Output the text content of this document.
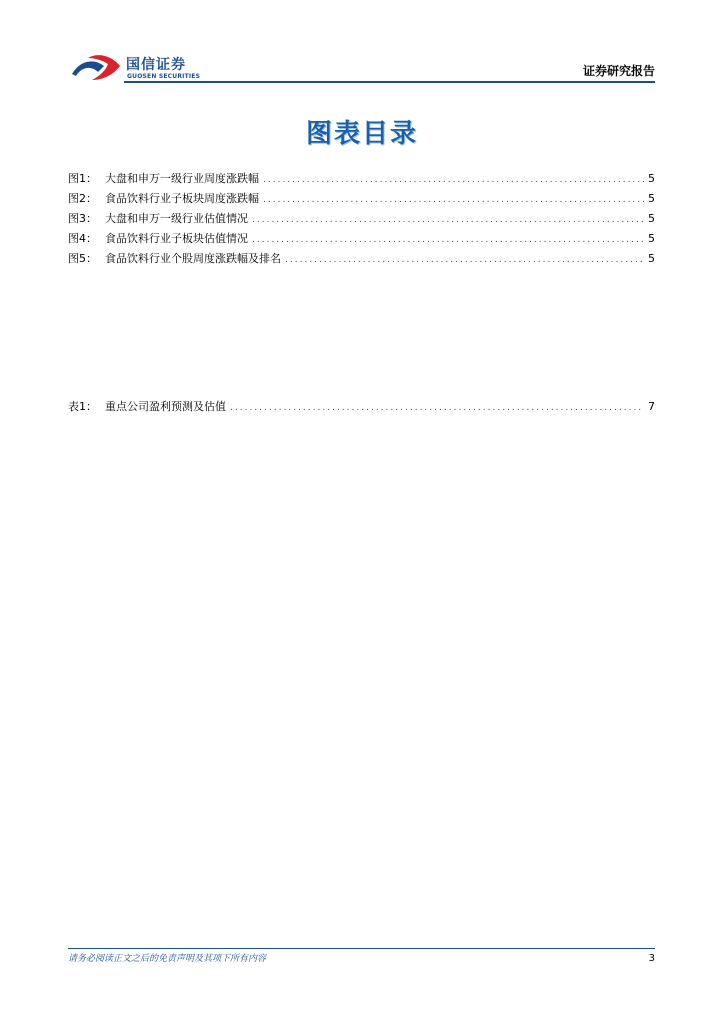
国信证券
GUOSEN SECURITIES	证券研究报告
图表目录
图1： 大盘和申万一级行业周度涨跌幅 .....	5
图2： 食品饮料行业子板块周度涨跌幅 .....	5
图3： 大盘和申万一级行业估值情况 .....	5
图4： 食品饮料行业子板块估值情况 .....	5
图5： 食品饮料行业个股周度涨跌幅及排名 .....	5
表1： 重点公司盈利预测及估值 .....	7
请务必阅读正文之后的免责声明及其项下所有内容	3
